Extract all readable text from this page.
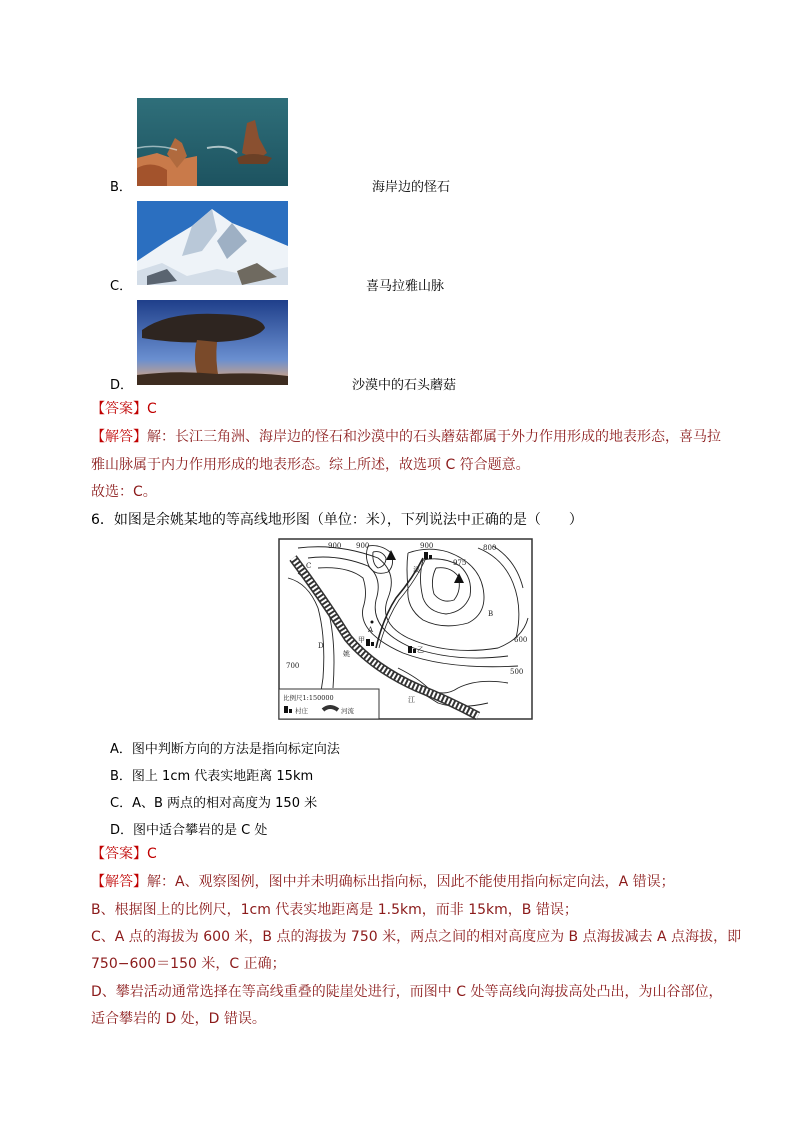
B．	海岸边的怪石
C．	喜马拉雅山脉
D．	沙漠中的石头蘑菇
【答案】C
【解答】解：长江三角洲、海岸边的怪石和沙漠中的石头蘑菇都属于外力作用形成的地表形态，喜马拉
雅山脉属于内力作用形成的地表形态。综上所述，故选项 C 符合题意。
故选：C。
6．如图是余姚某地的等高线地形图（单位：米），下列说法中正确的是（　　）
900 900	900	800
975
600
700
500
A
B
C
D
甲
乙
溪
姚
江
比例尺1:150000
村庄	河流
A．图中判断方向的方法是指向标定向法
B．图上 1cm 代表实地距离 15km
C．A、B 两点的相对高度为 150 米
D．图中适合攀岩的是 C 处
【答案】C
【解答】解：A、观察图例，图中并未明确标出指向标，因此不能使用指向标定向法，A 错误；
B、根据图上的比例尺，1cm 代表实地距离是 1.5km，而非 15km，B 错误；
C、A 点的海拔为 600 米，B 点的海拔为 750 米，两点之间的相对高度应为 B 点海拔减去 A 点海拔，即
750−600＝150 米，C 正确；
D、攀岩活动通常选择在等高线重叠的陡崖处进行，而图中 C 处等高线向海拔高处凸出，为山谷部位，
适合攀岩的 D 处，D 错误。
